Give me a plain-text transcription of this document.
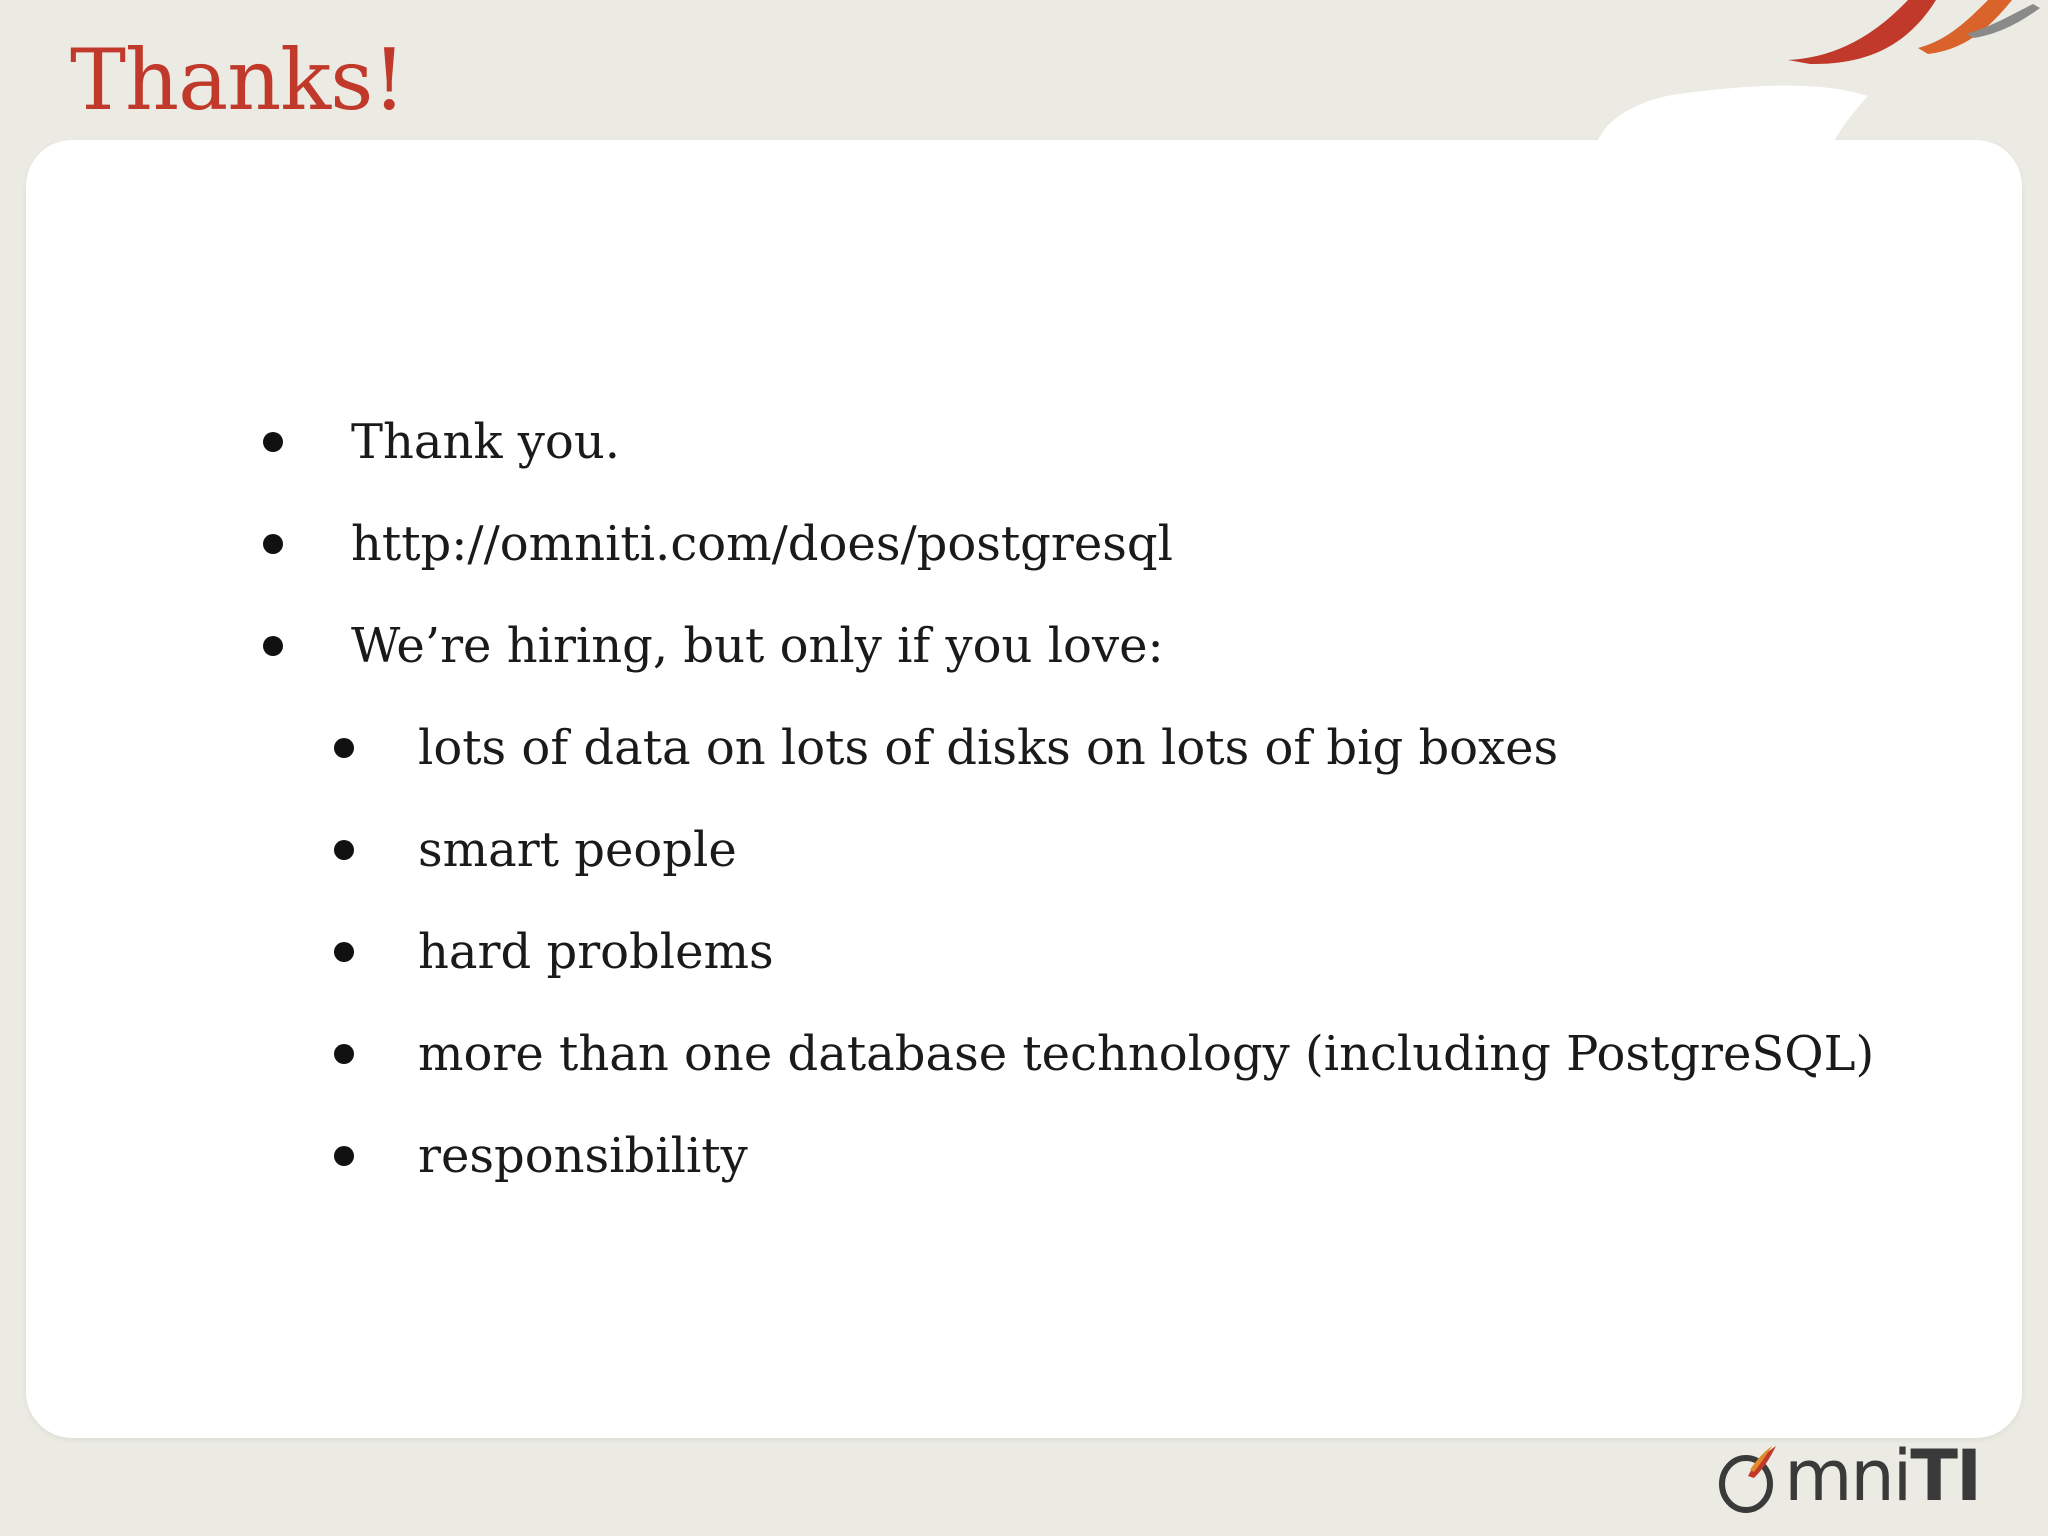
Thanks!
Thank you.
http://omniti.com/does/postgresql
We’re hiring, but only if you love:
lots of data on lots of disks on lots of big boxes
smart people
hard problems
more than one database technology (including PostgreSQL)
responsibility
mni TI
